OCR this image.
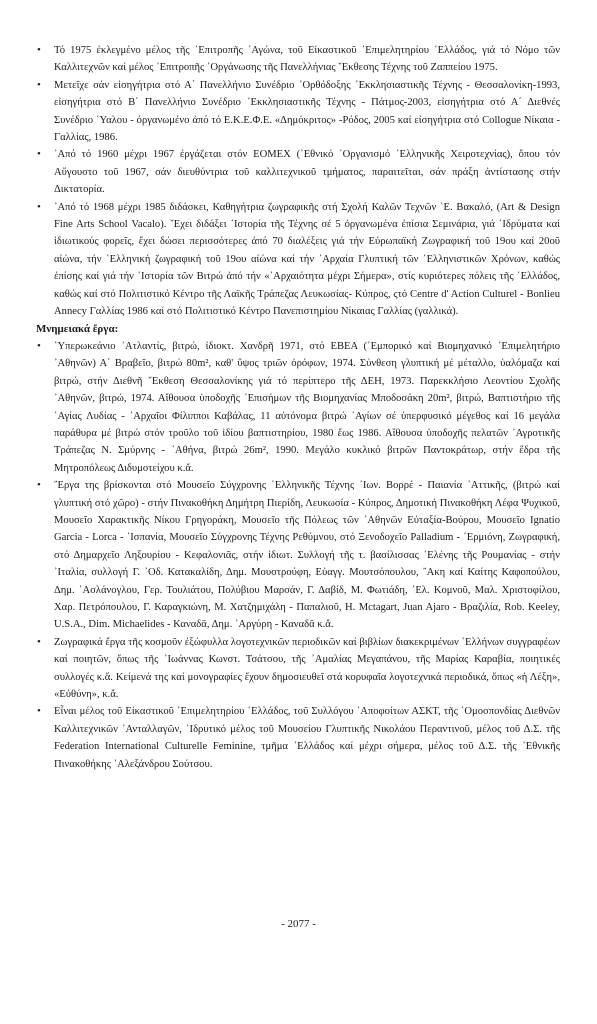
• Τό 1975 ἐκλεγμένο μέλος τῆς ᾿Επιτροπῆς ᾿Αγώνα, τοῦ Εἰκαστικοῦ ᾿Επιμελητηρίου ῾Ελλάδος, γιά τό Νόμο τῶν Καλλιτεχνῶν καί μέλος ᾿Επιτροπῆς ᾿Οργάνωσης τῆς Πανελλήνιας ῎Εκθεσης Τέχνης τοῦ Ζαππείου 1975.

• Μετεῖχε σάν εἰσηγήτρια στό Α΄ Πανελλήνιο Συνέδριο ᾿Ορθόδοξης ᾿Εκκλησιαστικῆς Τέχνης - Θεσσαλονίκη-1993, εἰσηγήτρια στό Β΄ Πανελλήνιο Συνέδριο ᾿Εκκλησιαστικῆς Τέχνης - Πάτμος-2003, εἰσηγήτρια στό Α΄ Διεθνές Συνέδριο ῾Υαλου - ὀργανωμένο ἀπό τό Ε.Κ.Ε.Φ.Ε. «Δημόκριτος» -Ρόδος, 2005 καί εἰσηγήτρια στό Collogue Νίκαια - Γαλλίας, 1986.

• ᾿Από τό 1960 μέχρι 1967 ἐργάζεται στόν ΕΟΜΕΧ (᾿Εθνικό ᾿Οργανισμό ῾Ελληνικῆς Χειροτεχνίας), ὅπου τόν Αὔγουστο τοῦ 1967, σάν διευθύντρια τοῦ καλλιτεχνικοῦ τμήματος, παραιτεῖται, σάν πράξη ἀντίστασης στήν Δικτατορία.

• ᾿Από τό 1968 μέχρι 1985 διδάσκει, Καθηγήτρια ζωγραφικῆς στή Σχολή Καλῶν Τεχνῶν ῾Ε. Βακαλό, (Art & Design Fine Arts School Vacalo). ῎Εχει διδάξει ῾Ιστορία τῆς Τέχνης σέ 5 ὀργανωμένα ἐπίσια Σεμινάρια, γιά ῾Ιδρύματα καί ἰδιωτικούς φορεῖς, ἔχει δώσει περισσότερες ἀπό 70 διαλέξεις γιά τήν Εὐρωπαϊκή Ζωγραφική τοῦ 19ου καί 20οῦ αἰώνα, τήν ῾Ελληνική ζωγραφική τοῦ 19ου αἰώνα καί τήν ᾿Αρχαία Γλυπτική τῶν ῾Ελληνιστικῶν Χρόνων, καθώς ἐπίσης καί γιά τήν ῾Ιστορία τῶν Βιτρώ ἀπό τήν «᾿Αρχαιότητα μέχρι Σήμερα», στίς κυριότερες πόλεις τῆς ῾Ελλάδος, καθώς καί στό Πολιτιστικό Κέντρο τῆς Λαϊκῆς Τράπεζας Λευκωσίας- Κύπρος, ςτό Centre d' Action Culturel - Bonlieu Annecy Γαλλίας 1986 καί στό Πολιτιστικό Κέντρο Πανεπιστημίου Νίκαιας Γαλλίας (γαλλικά).

Μνημειακά ἔργα:

• ῾Υπερωκεάνιο ᾿Ατλαντίς, βιτρώ, ἰδιοκτ. Χανδρῆ 1971, στό ΕΒΕΑ (᾿Εμπορικό καί Βιομηχανικό ᾿Επιμελητήριο ᾿Αθηνῶν) Α΄ Βραβεῖο, βιτρώ 80m², καθ' ὕψος τριῶν ὀρόφων, 1974. Σύνθεση γλυπτική μέ μέταλλο, ὑαλόμαζα καί βιτρώ, στήν Διεθνῆ ῎Εκθεση Θεσσαλονίκης γιά τό περίπτερο τῆς ΔΕΗ, 1973. Παρεκκλήσιο Λεοντίου Σχολῆς ᾿Αθηνῶν, βιτρώ, 1974. Αἴθουσα ὑποδοχῆς ᾿Επισήμων τῆς Βιομηχανίας Μποδοσάκη 20m², βιτρώ, Βαπτιστήριο τῆς ῾Αγίας Λυδίας - ᾿Αρχαῖοι Φίλιπποι Καβάλας, 11 αὐτόνομα βιτρώ ῾Αγίων σέ ὑπερφυσικό μέγεθος καί 16 μεγάλα παράθυρα μέ βιτρώ στόν τροῦλο τοῦ ἰδίου βαπτιστηρίου, 1980 ἕως 1986. Αἴθουσα ὑποδοχῆς πελατῶν ᾿Αγροτικῆς Τράπεζας Ν. Σμύρνης - ᾿Αθήνα, βιτρώ 26m², 1990. Μεγάλο κυκλικό βιτρῶν Παντοκράτωρ, στήν ἕδρα τῆς Μητροπόλεως Διδυμοτείχου κ.ἄ.

• ῎Εργα της βρίσκονται στό Μουσεῖο Σύγχρονης ῾Ελληνικῆς Τέχνης ᾿Ιων. Βορρέ - Παιανία ᾿Αττικῆς, (βιτρώ καί γλυπτική στό χῶρο) - στήν Πινακοθήκη Δημήτρη Πιερίδη, Λευκωσία - Κύπρος, Δημοτική Πινακοθήκη Λέφα Ψυχικοῦ, Μουσεῖο Χαρακτικῆς Νίκου Γρηγοράκη, Μουσεῖο τῆς Πόλεως τῶν ᾿Αθηνῶν Εὐταξία-Βούρου, Μουσεῖο Ignatio Garcia - Lorca - ᾿Ισπανία, Μουσεῖο Σύγχρονης Τέχνης Ρεθύμνου, στό Ξενοδοχεῖο Palladium - ῾Ερμιόνη, Ζωγραφική, στό Δημαρχεῖο Ληξουρίου - Κεφαλονιᾶς, στήν ἰδιωτ. Συλλογή τῆς τ. βασίλισσας ῾Ελένης τῆς Ρουμανίας - στήν ᾿Ιταλία, συλλογή Γ. ᾿Οδ. Κατακαλίδη, Δημ. Μουστρούφη, Εὐαγγ. Μουτσόπουλου, ῎Ακη καί Καίτης Καφοπούλου, Δημ. ᾿Ασλάνογλου, Γερ. Τουλιάτου, Πολύβιου Μαρσάν, Γ. Δαβίδ, Μ. Φωτιάδη, ᾿Ελ. Κομνοῦ, Μαλ. Χριστοφίλου, Χαρ. Πετρόπουλου, Γ. Καραγκιώνη, Μ. Χατζημιχάλη - Παπαλιοῦ, Η. Mctagart, Juan Ajaro - Βραζιλία, Rob. Keeley, U.S.A., Dim. Michaelides - Καναδᾶ, Δημ. ᾿Αργύρη - Καναδᾶ κ.ἄ.

• Ζωγραφικά ἔργα τῆς κοσμοῦν ἐξώφυλλα λογοτεχνικῶν περιοδικῶν καί βιβλίων διακεκριμένων ῾Ελλήνων συγγραφέων καί ποιητῶν, ὅπως τῆς ᾿Ιωάννας Κωνστ. Τσάτσου, τῆς ᾿Αμαλίας Μεγαπάνου, τῆς Μαρίας Καραβία, ποιητικές συλλογές κ.ἄ. Κείμενά της καί μονογραφίες ἔχουν δημοσιευθεῖ στά κορυφαῖα λογοτεχνικά περιοδικά, ὅπως «ἡ Λέξη», «Εὐθύνη», κ.ἄ.

• Εἶναι μέλος τοῦ Εἰκαστικοῦ ᾿Επιμελητηρίου ῾Ελλάδος, τοῦ Συλλόγου ᾿Αποφοίτων ΑΣΚΤ, τῆς ῾Ομοσπονδίας Διεθνῶν Καλλιτεχνικῶν ᾿Ανταλλαγῶν, ῾Ιδρυτικό μέλος τοῦ Μουσείου Γλυπτικῆς Νικολάου Περαντινοῦ, μέλος τοῦ Δ.Σ. τῆς Federation International Culturelle Feminine, τμῆμα ῾Ελλάδος καί μέχρι σήμερα, μέλος τοῦ Δ.Σ. τῆς ᾿Εθνικῆς Πινακοθήκης ᾿Αλεξάνδρου Σούτσου.

- 2077 -
